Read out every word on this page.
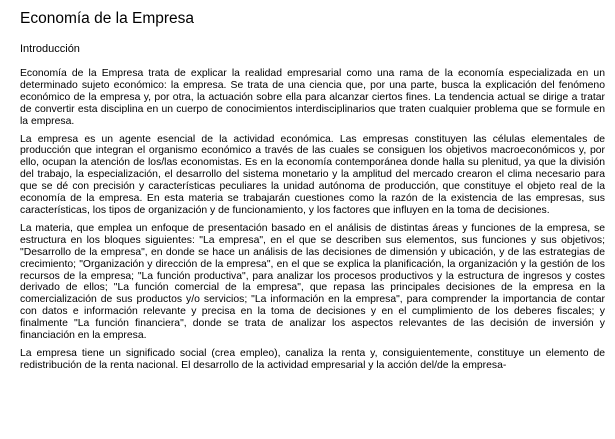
Economía de la Empresa
Introducción

Economía de la Empresa trata de explicar la realidad empresarial como una rama de la economía especializada en un determinado sujeto económico: la empresa. Se trata de una ciencia que, por una parte, busca la explicación del fenómeno económico de la empresa y, por otra, la actuación sobre ella para alcanzar ciertos fines. La tendencia actual se dirige a tratar de convertir esta disciplina en un cuerpo de conocimientos interdisciplinarios que traten cualquier problema que se formule en la empresa.

La empresa es un agente esencial de la actividad económica. Las empresas constituyen las células elementales de producción que integran el organismo económico a través de las cuales se consiguen los objetivos macroeconómicos y, por ello, ocupan la atención de los/las economistas. Es en la economía contemporánea donde halla su plenitud, ya que la división del trabajo, la especialización, el desarrollo del sistema monetario y la amplitud del mercado crearon el clima necesario para que se dé con precisión y características peculiares la unidad autónoma de producción, que constituye el objeto real de la economía de la empresa. En esta materia se trabajarán cuestiones como la razón de la existencia de las empresas, sus características, los tipos de organización y de funcionamiento, y los factores que influyen en la toma de decisiones.

La materia, que emplea un enfoque de presentación basado en el análisis de distintas áreas y funciones de la empresa, se estructura en los bloques siguientes: "La empresa", en el que se describen sus elementos, sus funciones y sus objetivos; "Desarrollo de la empresa", en donde se hace un análisis de las decisiones de dimensión y ubicación, y de las estrategias de crecimiento; "Organización y dirección de la empresa", en el que se explica la planificación, la organización y la gestión de los recursos de la empresa; "La función productiva", para analizar los procesos productivos y la estructura de ingresos y costes derivado de ellos; "La función comercial de la empresa", que repasa las principales decisiones de la empresa en la comercialización de sus productos y/o servicios; "La información en la empresa", para comprender la importancia de contar con datos e información relevante y precisa en la toma de decisiones y en el cumplimiento de los deberes fiscales; y finalmente "La función financiera", donde se trata de analizar los aspectos relevantes de las decisión de inversión y financiación en la empresa.

La empresa tiene un significado social (crea empleo), canaliza la renta y, consiguientemente, constituye un elemento de redistribución de la renta nacional. El desarrollo de la actividad empresarial y la acción del/de la empresa-
